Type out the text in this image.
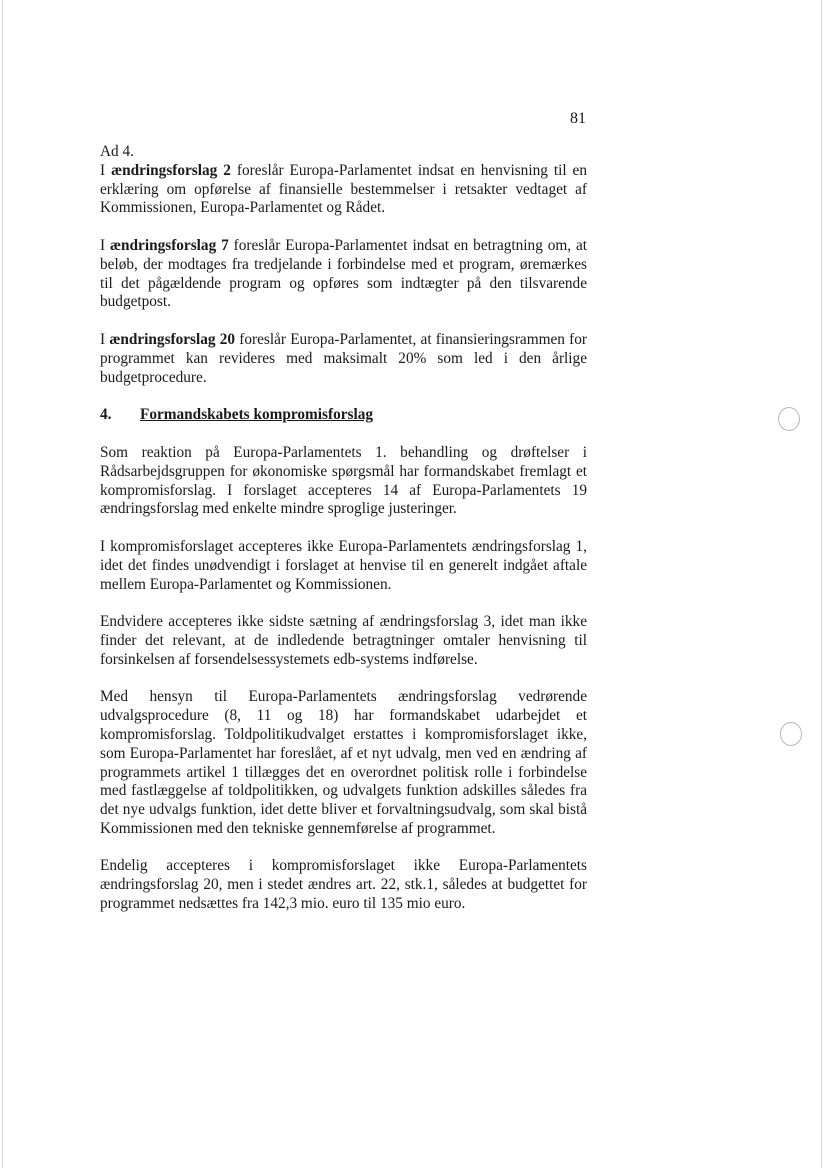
81

Ad 4.

I ændringsforslag 2 foreslår Europa-Parlamentet indsat en henvisning til en erklæring om opførelse af finansielle bestemmelser i retsakter vedtaget af Kommissionen, Europa-Parlamentet og Rådet.

I ændringsforslag 7 foreslår Europa-Parlamentet indsat en betragtning om, at beløb, der modtages fra tredjelande i forbindelse med et program, øremærkes til det pågældende program og opføres som indtægter på den tilsvarende budgetpost.

I ændringsforslag 20 foreslår Europa-Parlamentet, at finansieringsrammen for programmet kan revideres med maksimalt 20% som led i den årlige budgetprocedure.

4. Formandskabets kompromisforslag

Som reaktion på Europa-Parlamentets 1. behandling og drøftelser i Rådsarbejdsgruppen for økonomiske spørgsmål har formandskabet fremlagt et kompromisforslag. I forslaget accepteres 14 af Europa-Parlamentets 19 ændringsforslag med enkelte mindre sproglige justeringer.

I kompromisforslaget accepteres ikke Europa-Parlamentets ændringsforslag 1, idet det findes unødvendigt i forslaget at henvise til en generelt indgået aftale mellem Europa-Parlamentet og Kommissionen.

Endvidere accepteres ikke sidste sætning af ændringsforslag 3, idet man ikke finder det relevant, at de indledende betragtninger omtaler henvisning til forsinkelsen af forsendelsessystemets edb-systems indførelse.

Med hensyn til Europa-Parlamentets ændringsforslag vedrørende udvalgsprocedure (8, 11 og 18) har formandskabet udarbejdet et kompromisforslag. Toldpolitikudvalget erstattes i kompromisforslaget ikke, som Europa-Parlamentet har foreslået, af et nyt udvalg, men ved en ændring af programmets artikel 1 tillægges det en overordnet politisk rolle i forbindelse med fastlæggelse af toldpolitikken, og udvalgets funktion adskilles således fra det nye udvalgs funktion, idet dette bliver et forvaltningsudvalg, som skal bistå Kommissionen med den tekniske gennemførelse af programmet.

Endelig accepteres i kompromisforslaget ikke Europa-Parlamentets ændringsforslag 20, men i stedet ændres art. 22, stk.1, således at budgettet for programmet nedsættes fra 142,3 mio. euro til 135 mio euro.
